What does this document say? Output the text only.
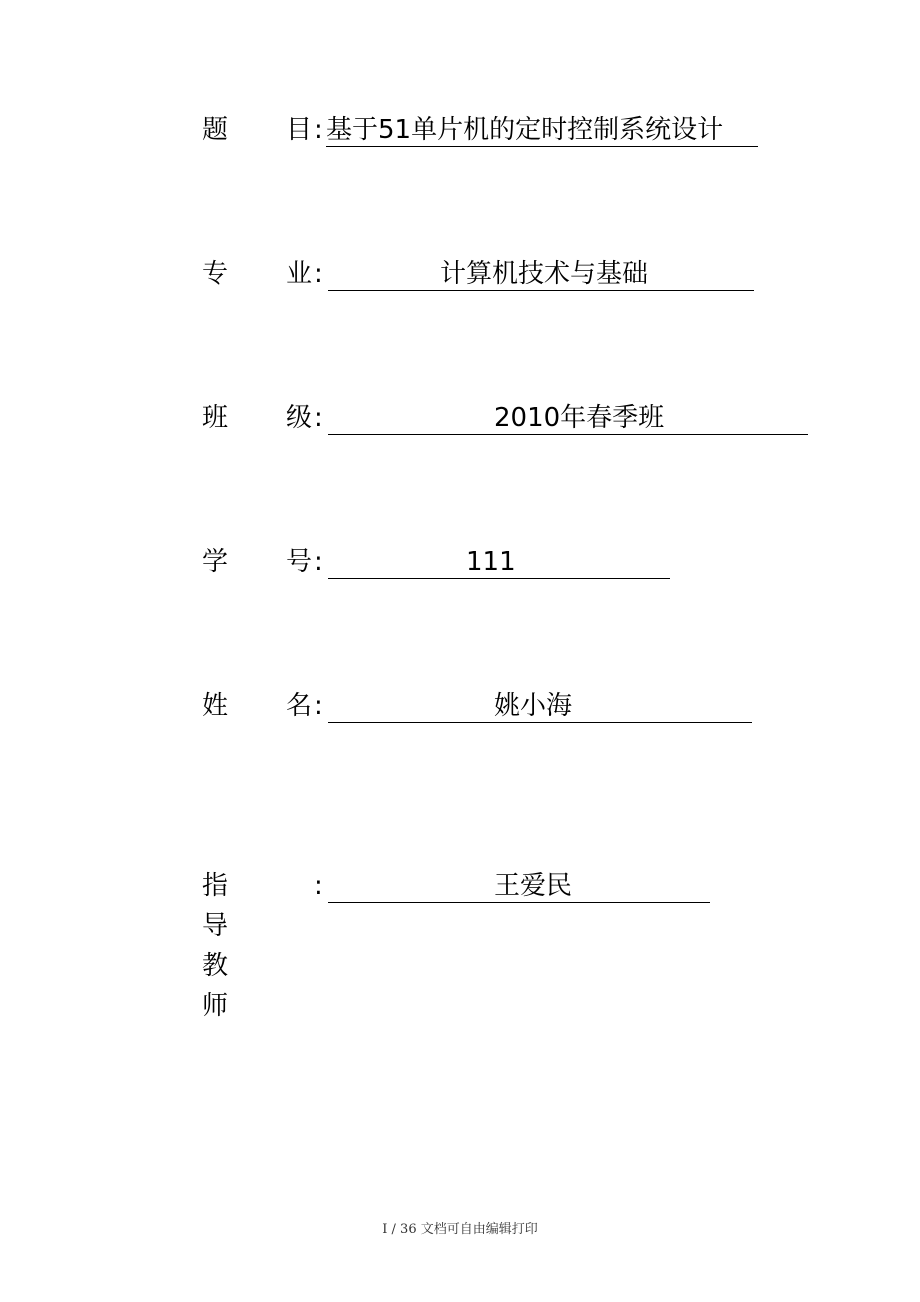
题 目 : 基于51单片机的定时控制系统设计
专 业 :	计算机技术与基础
班 级 :	2010年春季班
学 号 :	111
姓 名 :	姚小海
指导教师
:	王爱民
I / 36 文档可自由编辑打印
